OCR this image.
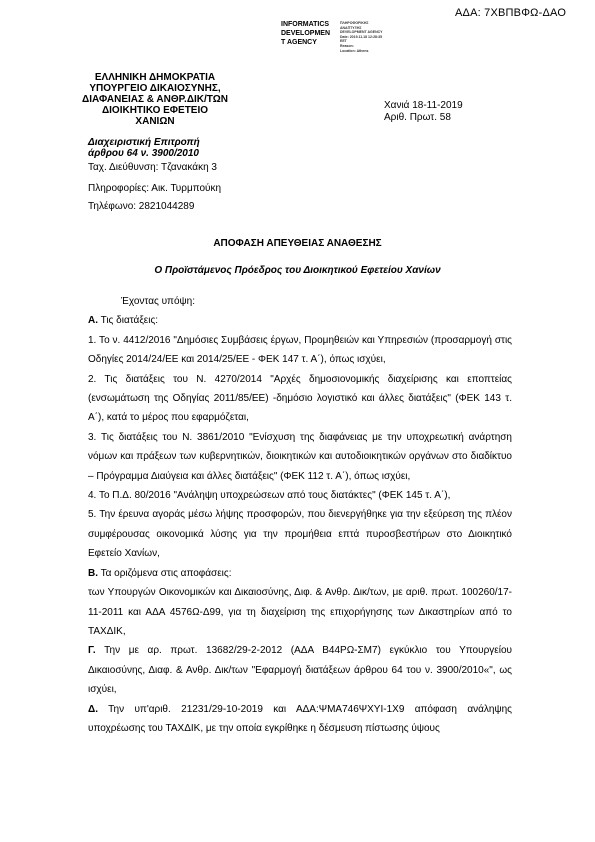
ΑΔΑ: 7ΧΒΠΒΦΩ-ΔΑΟ
INFORMATICS
DEVELOPMEN
T AGENCY
ΠΛΗΡΟΦΟΡΙΚΗΣ
ΑΝΑΠΤΥΞΗΣ
DEVELOPMENT AGENCY
Date: 2019.11.18 12:28:35
EET
Reason:
Location: Athens
ΕΛΛΗΝΙΚΗ ΔΗΜΟΚΡΑΤΙΑ
ΥΠΟΥΡΓΕΙΟ ΔΙΚΑΙΟΣΥΝΗΣ,
ΔΙΑΦΑΝΕΙΑΣ & ΑΝΘΡ.ΔΙΚ/ΤΩΝ
ΔΙΟΙΚΗΤΙΚΟ ΕΦΕΤΕΙΟ
ΧΑΝΙΩΝ
Διαχειριστική Επιτροπή
άρθρου 64 ν. 3900/2010
Ταχ. Διεύθυνση: Τζανακάκη 3
Πληροφορίες: Αικ. Τυρμπούκη
Τηλέφωνο: 2821044289
Χανιά 18-11-2019
Αριθ. Πρωτ. 58
ΑΠΟΦΑΣΗ ΑΠΕΥΘΕΙΑΣ ΑΝΑΘΕΣΗΣ
Ο Προϊστάμενος Πρόεδρος του Διοικητικού Εφετείου Χανίων

Έχοντας υπόψη:

Α. Τις διατάξεις:

1. Το ν. 4412/2016 "Δημόσιες Συμβάσεις έργων, Προμηθειών και Υπηρεσιών (προσαρμογή στις Οδηγίες 2014/24/ΕΕ και 2014/25/ΕΕ - ΦΕΚ 147 τ. Α΄), όπως ισχύει,

2. Τις διατάξεις του Ν. 4270/2014 "Αρχές δημοσιονομικής διαχείρισης και εποπτείας (ενσωμάτωση της Οδηγίας 2011/85/ΕΕ) -δημόσιο λογιστικό και άλλες διατάξεις" (ΦΕΚ 143 τ. Α΄), κατά το μέρος που εφαρμόζεται,

3. Τις διατάξεις του Ν. 3861/2010 "Ενίσχυση της διαφάνειας με την υποχρεωτική ανάρτηση νόμων και πράξεων των κυβερνητικών, διοικητικών και αυτοδιοικητικών οργάνων στο διαδίκτυο – Πρόγραμμα Διαύγεια και άλλες διατάξεις" (ΦΕΚ 112 τ. Α΄), όπως ισχύει,

4. Το Π.Δ. 80/2016 "Ανάληψη υποχρεώσεων από τους διατάκτες" (ΦΕΚ 145 τ. Α΄),

5. Την έρευνα αγοράς μέσω λήψης προσφορών, που διενεργήθηκε για την εξεύρεση της πλέον συμφέρουσας οικονομικά λύσης για την προμήθεια επτά πυροσβεστήρων στο Διοικητικό Εφετείο Χανίων,

Β. Τα οριζόμενα στις αποφάσεις:

των Υπουργών Οικονομικών και Δικαιοσύνης, Διφ. & Ανθρ. Δικ/των, με αριθ. πρωτ. 100260/17-11-2011 και ΑΔΑ 4576Ω-Δ99, για τη διαχείριση της επιχορήγησης των Δικαστηρίων από το ΤΑΧΔΙΚ,

Γ. Την με αρ. πρωτ. 13682/29-2-2012 (ΑΔΑ Β44ΡΩ-ΣΜ7) εγκύκλιο του Υπουργείου Δικαιοσύνης, Διαφ. & Ανθρ. Δικ/των "Εφαρμογή διατάξεων άρθρου 64 του ν. 3900/2010«", ως ισχύει,

Δ. Την υπ'αριθ. 21231/29-10-2019 και ΑΔΑ:ΨΜΑ746ΨΧΥΙ-1Χ9 απόφαση ανάληψης υποχρέωσης του ΤΑΧΔΙΚ, με την οποία εγκρίθηκε η δέσμευση πίστωσης ύψους
